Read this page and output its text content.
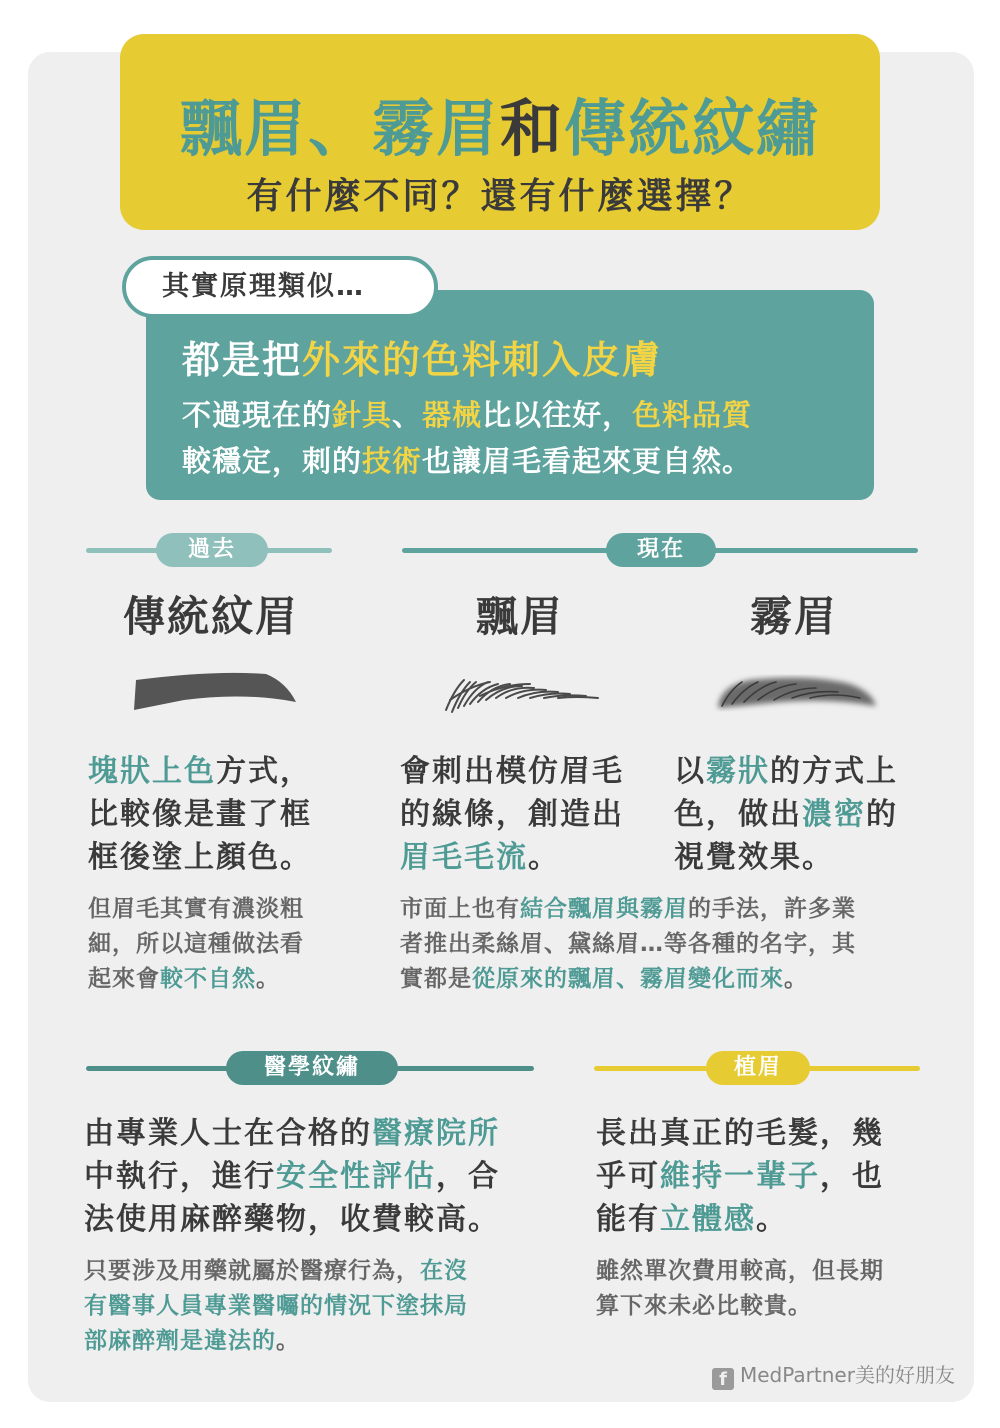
飄眉、霧眉和傳統紋繡
有什麼不同？還有什麼選擇？
都是把外來的色料刺入皮膚
不過現在的針具、器械比以往好，色料品質
較穩定，刺的技術也讓眉毛看起來更自然。
其實原理類似…
過去	現在
傳統紋眉	飄眉	霧眉
塊狀上色方式，
比較像是畫了框
框後塗上顏色。
但眉毛其實有濃淡粗
細，所以這種做法看
起來會較不自然。
會刺出模仿眉毛
的線條，創造出
眉毛毛流。
以霧狀的方式上
色，做出濃密的
視覺效果。
市面上也有結合飄眉與霧眉的手法，許多業
者推出柔絲眉、黛絲眉…等各種的名字，其
實都是從原來的飄眉、霧眉變化而來。
醫學紋繡
由專業人士在合格的醫療院所
中執行，進行安全性評估，合
法使用麻醉藥物，收費較高。
只要涉及用藥就屬於醫療行為，在沒
有醫事人員專業醫囑的情況下塗抹局
部麻醉劑是違法的。
植眉
長出真正的毛髮，幾
乎可維持一輩子，也
能有立體感。
雖然單次費用較高，但長期
算下來未必比較貴。
f MedPartner美的好朋友
